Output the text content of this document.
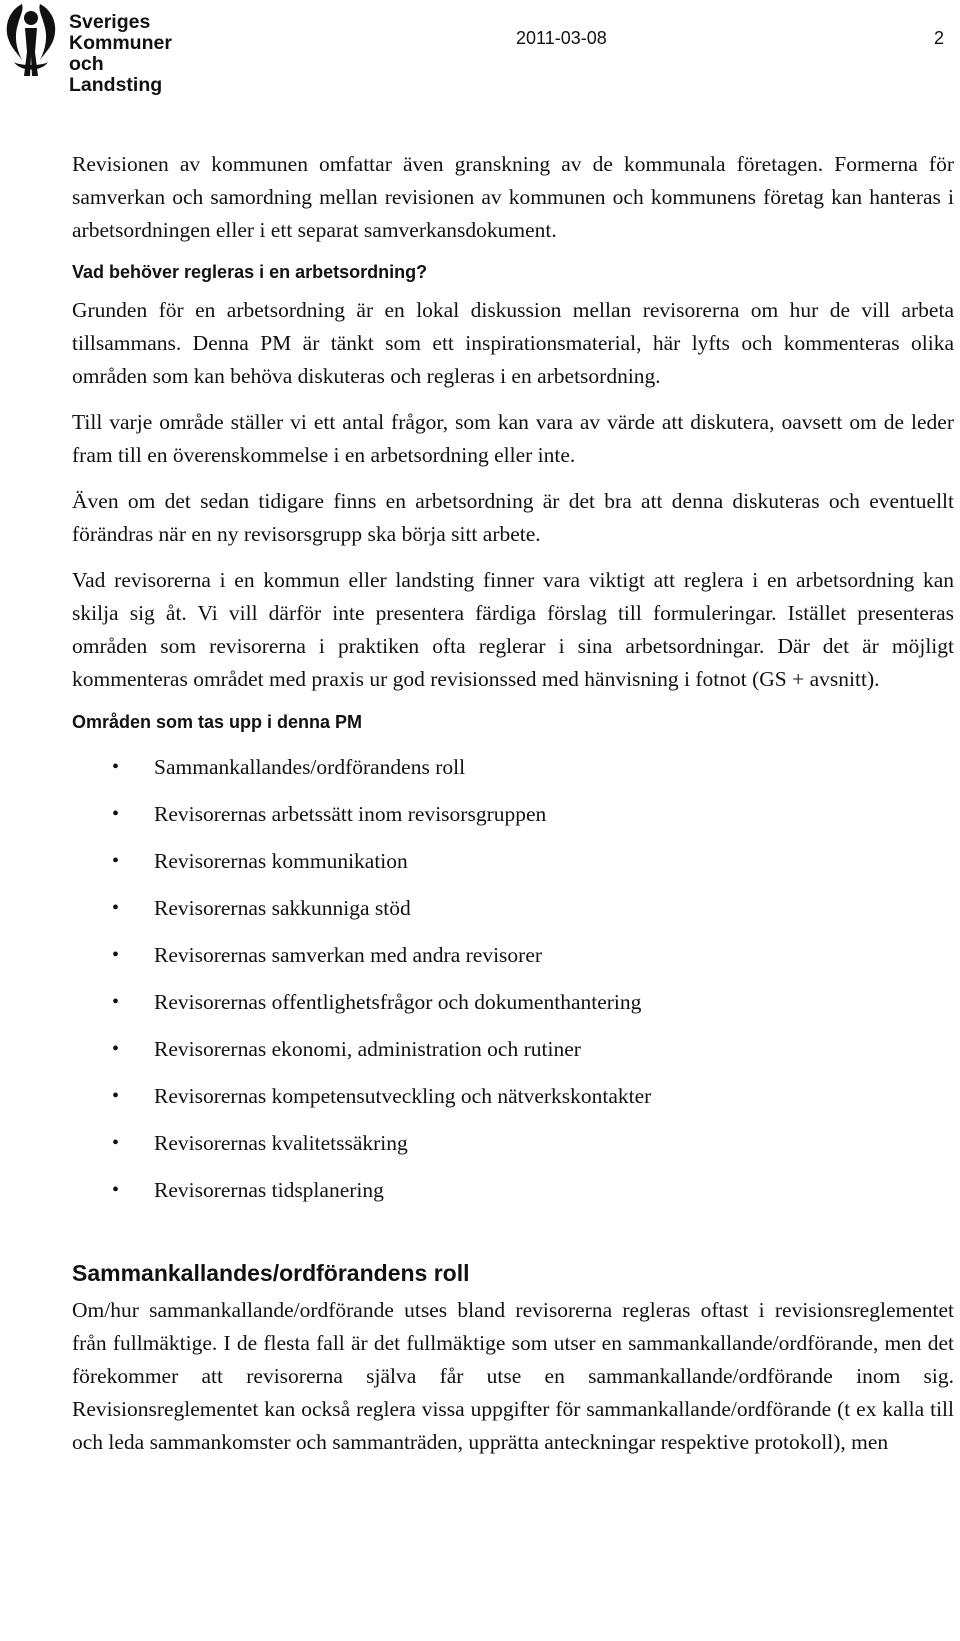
Sveriges
Kommuner
och Landsting
2011-03-08	2

Revisionen av kommunen omfattar även granskning av de kommunala företagen. Formerna för samverkan och samordning mellan revisionen av kommunen och kommunens företag kan hanteras i arbetsordningen eller i ett separat samverkansdokument.

Vad behöver regleras i en arbetsordning?

Grunden för en arbetsordning är en lokal diskussion mellan revisorerna om hur de vill arbeta tillsammans. Denna PM är tänkt som ett inspirationsmaterial, här lyfts och kommenteras olika områden som kan behöva diskuteras och regleras i en arbetsordning.

Till varje område ställer vi ett antal frågor, som kan vara av värde att diskutera, oavsett om de leder fram till en överenskommelse i en arbetsordning eller inte.

Även om det sedan tidigare finns en arbetsordning är det bra att denna diskuteras och eventuellt förändras när en ny revisorsgrupp ska börja sitt arbete.

Vad revisorerna i en kommun eller landsting finner vara viktigt att reglera i en arbetsordning kan skilja sig åt. Vi vill därför inte presentera färdiga förslag till formuleringar. Istället presenteras områden som revisorerna i praktiken ofta reglerar i sina arbetsordningar. Där det är möjligt kommenteras området med praxis ur god revisionssed med hänvisning i fotnot (GS + avsnitt).

Områden som tas upp i denna PM
• Sammankallandes/ordförandens roll
• Revisorernas arbetssätt inom revisorsgruppen
• Revisorernas kommunikation
• Revisorernas sakkunniga stöd
• Revisorernas samverkan med andra revisorer
• Revisorernas offentlighetsfrågor och dokumenthantering
• Revisorernas ekonomi, administration och rutiner
• Revisorernas kompetensutveckling och nätverkskontakter
• Revisorernas kvalitetssäkring
• Revisorernas tidsplanering
Sammankallandes/ordförandens roll

Om/hur sammankallande/ordförande utses bland revisorerna regleras oftast i revisionsreglementet från fullmäktige. I de flesta fall är det fullmäktige som utser en sammankallande/ordförande, men det förekommer att revisorerna själva får utse en sammankallande/ordförande inom sig. Revisionsreglementet kan också reglera vissa uppgifter för sammankallande/ordförande (t ex kalla till och leda sammankomster och sammanträden, upprätta anteckningar respektive protokoll), men
